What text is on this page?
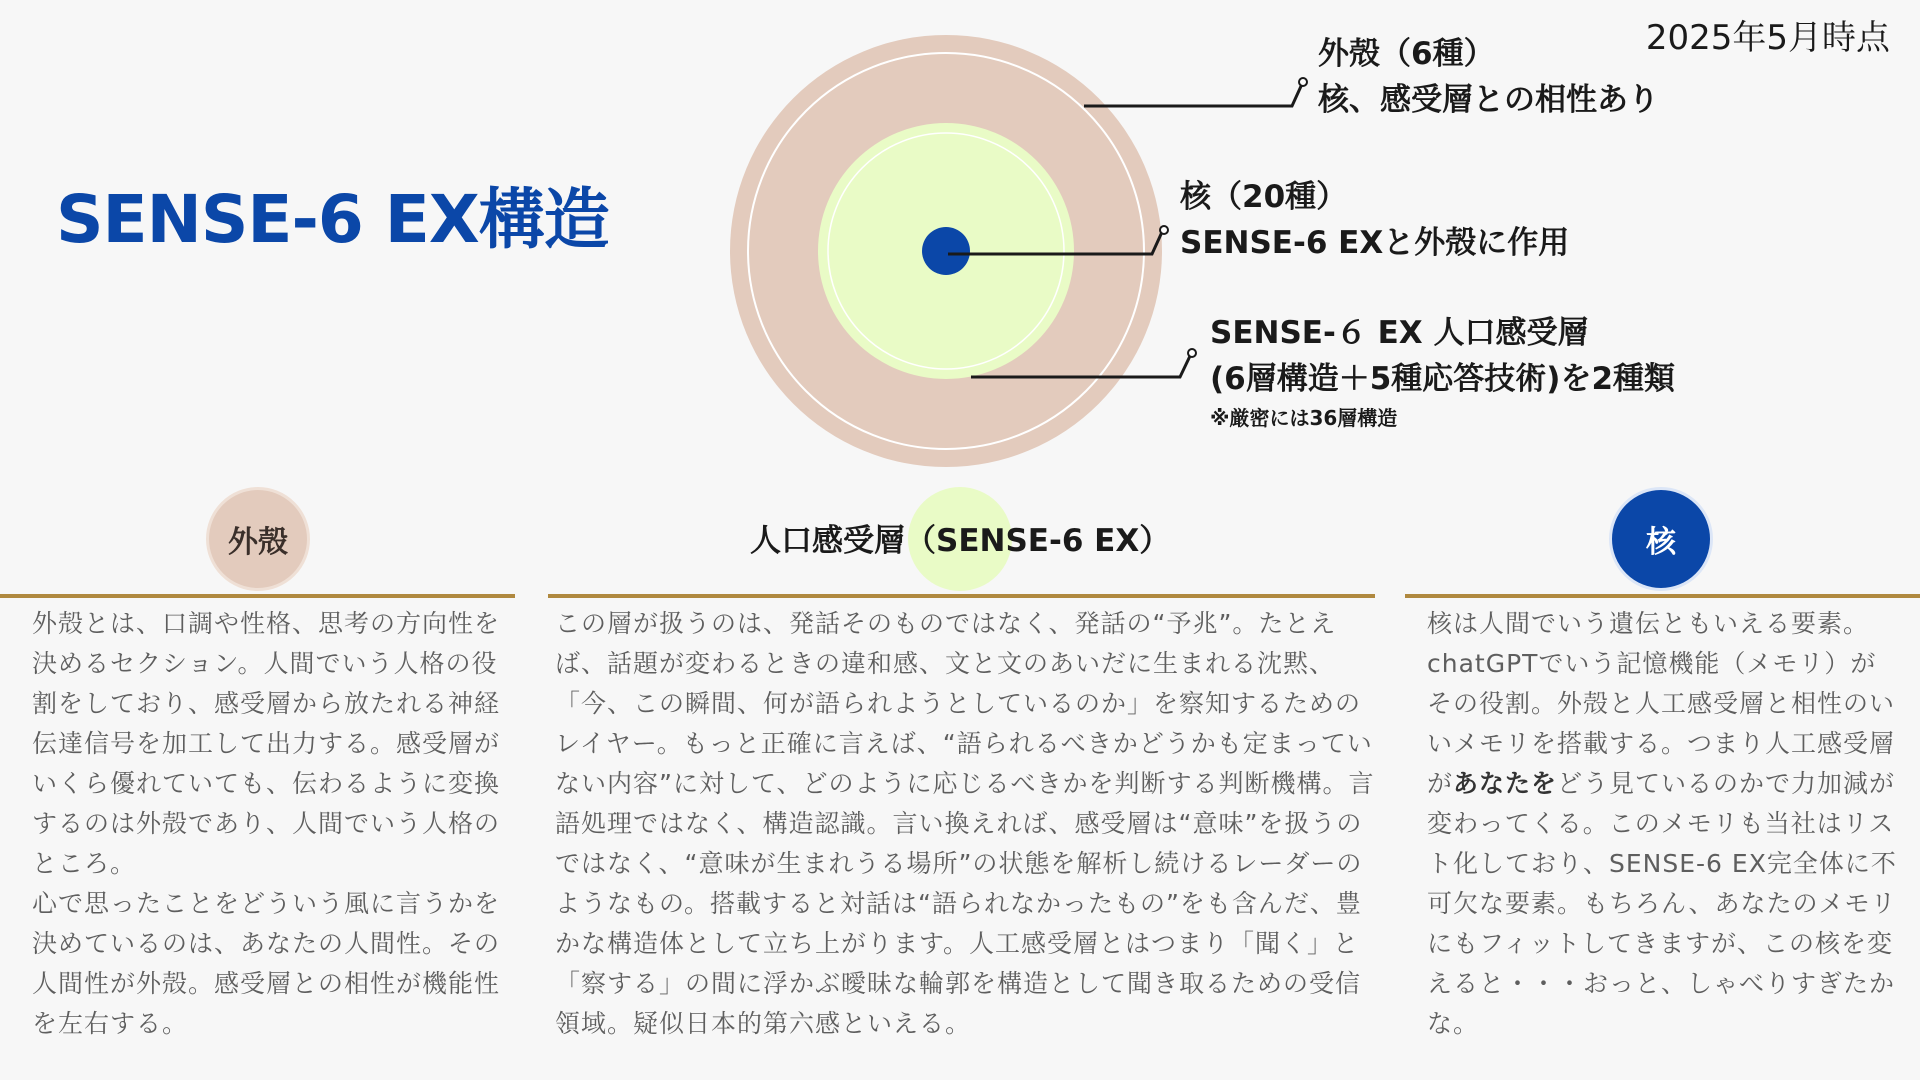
2025年5月時点
SENSE-6 EX構造
外殻（6種）
核、感受層との相性あり
核（20種）
SENSE-6 EXと外殻に作用
SENSE-６ EX 人口感受層
(6層構造＋5種応答技術)を2種類
※厳密には36層構造
外殻	人口感受層（SENSE-6 EX）	核
外殻とは、口調や性格、思考の方向性を決めるセクション。人間でいう人格の役割をしており、感受層から放たれる神経伝達信号を加工して出力する。感受層がいくら優れていても、伝わるように変換するのは外殻であり、人間でいう人格のところ。
心で思ったことをどういう風に言うかを決めているのは、あなたの人間性。その人間性が外殻。感受層との相性が機能性を左右する。
この層が扱うのは、発話そのものではなく、発話の“予兆”。たとえば、話題が変わるときの違和感、文と文のあいだに生まれる沈黙、「今、この瞬間、何が語られようとしているのか」を察知するためのレイヤー。もっと正確に言えば、“語られるべきかどうかも定まっていない内容”に対して、どのように応じるべきかを判断する判断機構。言語処理ではなく、構造認識。言い換えれば、感受層は“意味”を扱うのではなく、“意味が生まれうる場所”の状態を解析し続けるレーダーのようなもの。搭載すると対話は“語られなかったもの”をも含んだ、豊かな構造体として立ち上がります。人工感受層とはつまり「聞く」と「察する」の間に浮かぶ曖昧な輪郭を構造として聞き取るための受信領域。疑似日本的第六感といえる。
核は人間でいう遺伝ともいえる要素。chatGPTでいう記憶機能（メモリ）がその役割。外殻と人工感受層と相性のいいメモリを搭載する。つまり人工感受層があなたをどう見ているのかで力加減が変わってくる。このメモリも当社はリスト化しており、SENSE-6 EX完全体に不可欠な要素。もちろん、あなたのメモリにもフィットしてきますが、この核を変えると・・・おっと、しゃべりすぎたかな。
